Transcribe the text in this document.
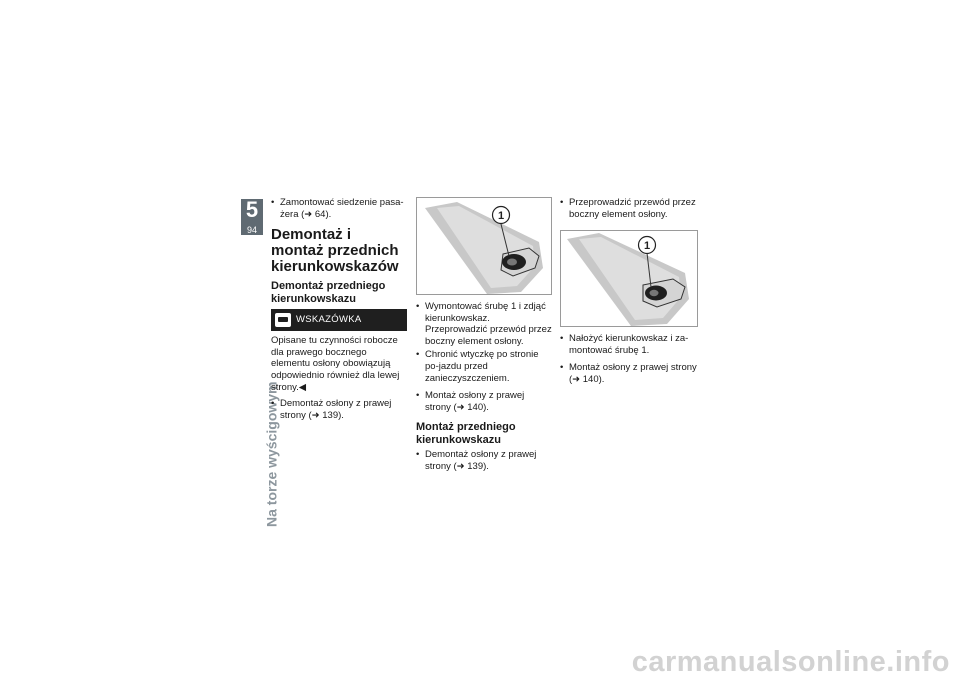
5
94
Na torze wyścigowym
• Zamontować siedzenie pasa-żera (➜ 64).
Demontaż i montaż przednich kierunkowskazów
Demontaż przedniego kierunkowskazu
WSKAZÓWKA
Opisane tu czynności robocze dla prawego bocznego elementu osłony obowiązują odpowiednio również dla lewej strony.◀
• Demontaż osłony z prawej strony (➜ 139).
1
• Wymontować śrubę 1 i zdjąć kierunkowskaz. Przeprowadzić przewód przez boczny element osłony.
• Chronić wtyczkę po stronie po-jazdu przed zanieczyszczeniem.
• Montaż osłony z prawej strony (➜ 140).
Montaż przedniego kierunkowskazu
• Demontaż osłony z prawej strony (➜ 139).
• Przeprowadzić przewód przez boczny element osłony.
1
• Nałożyć kierunkowskaz i za-montować śrubę 1.
• Montaż osłony z prawej strony (➜ 140).
carmanualsonline.info
